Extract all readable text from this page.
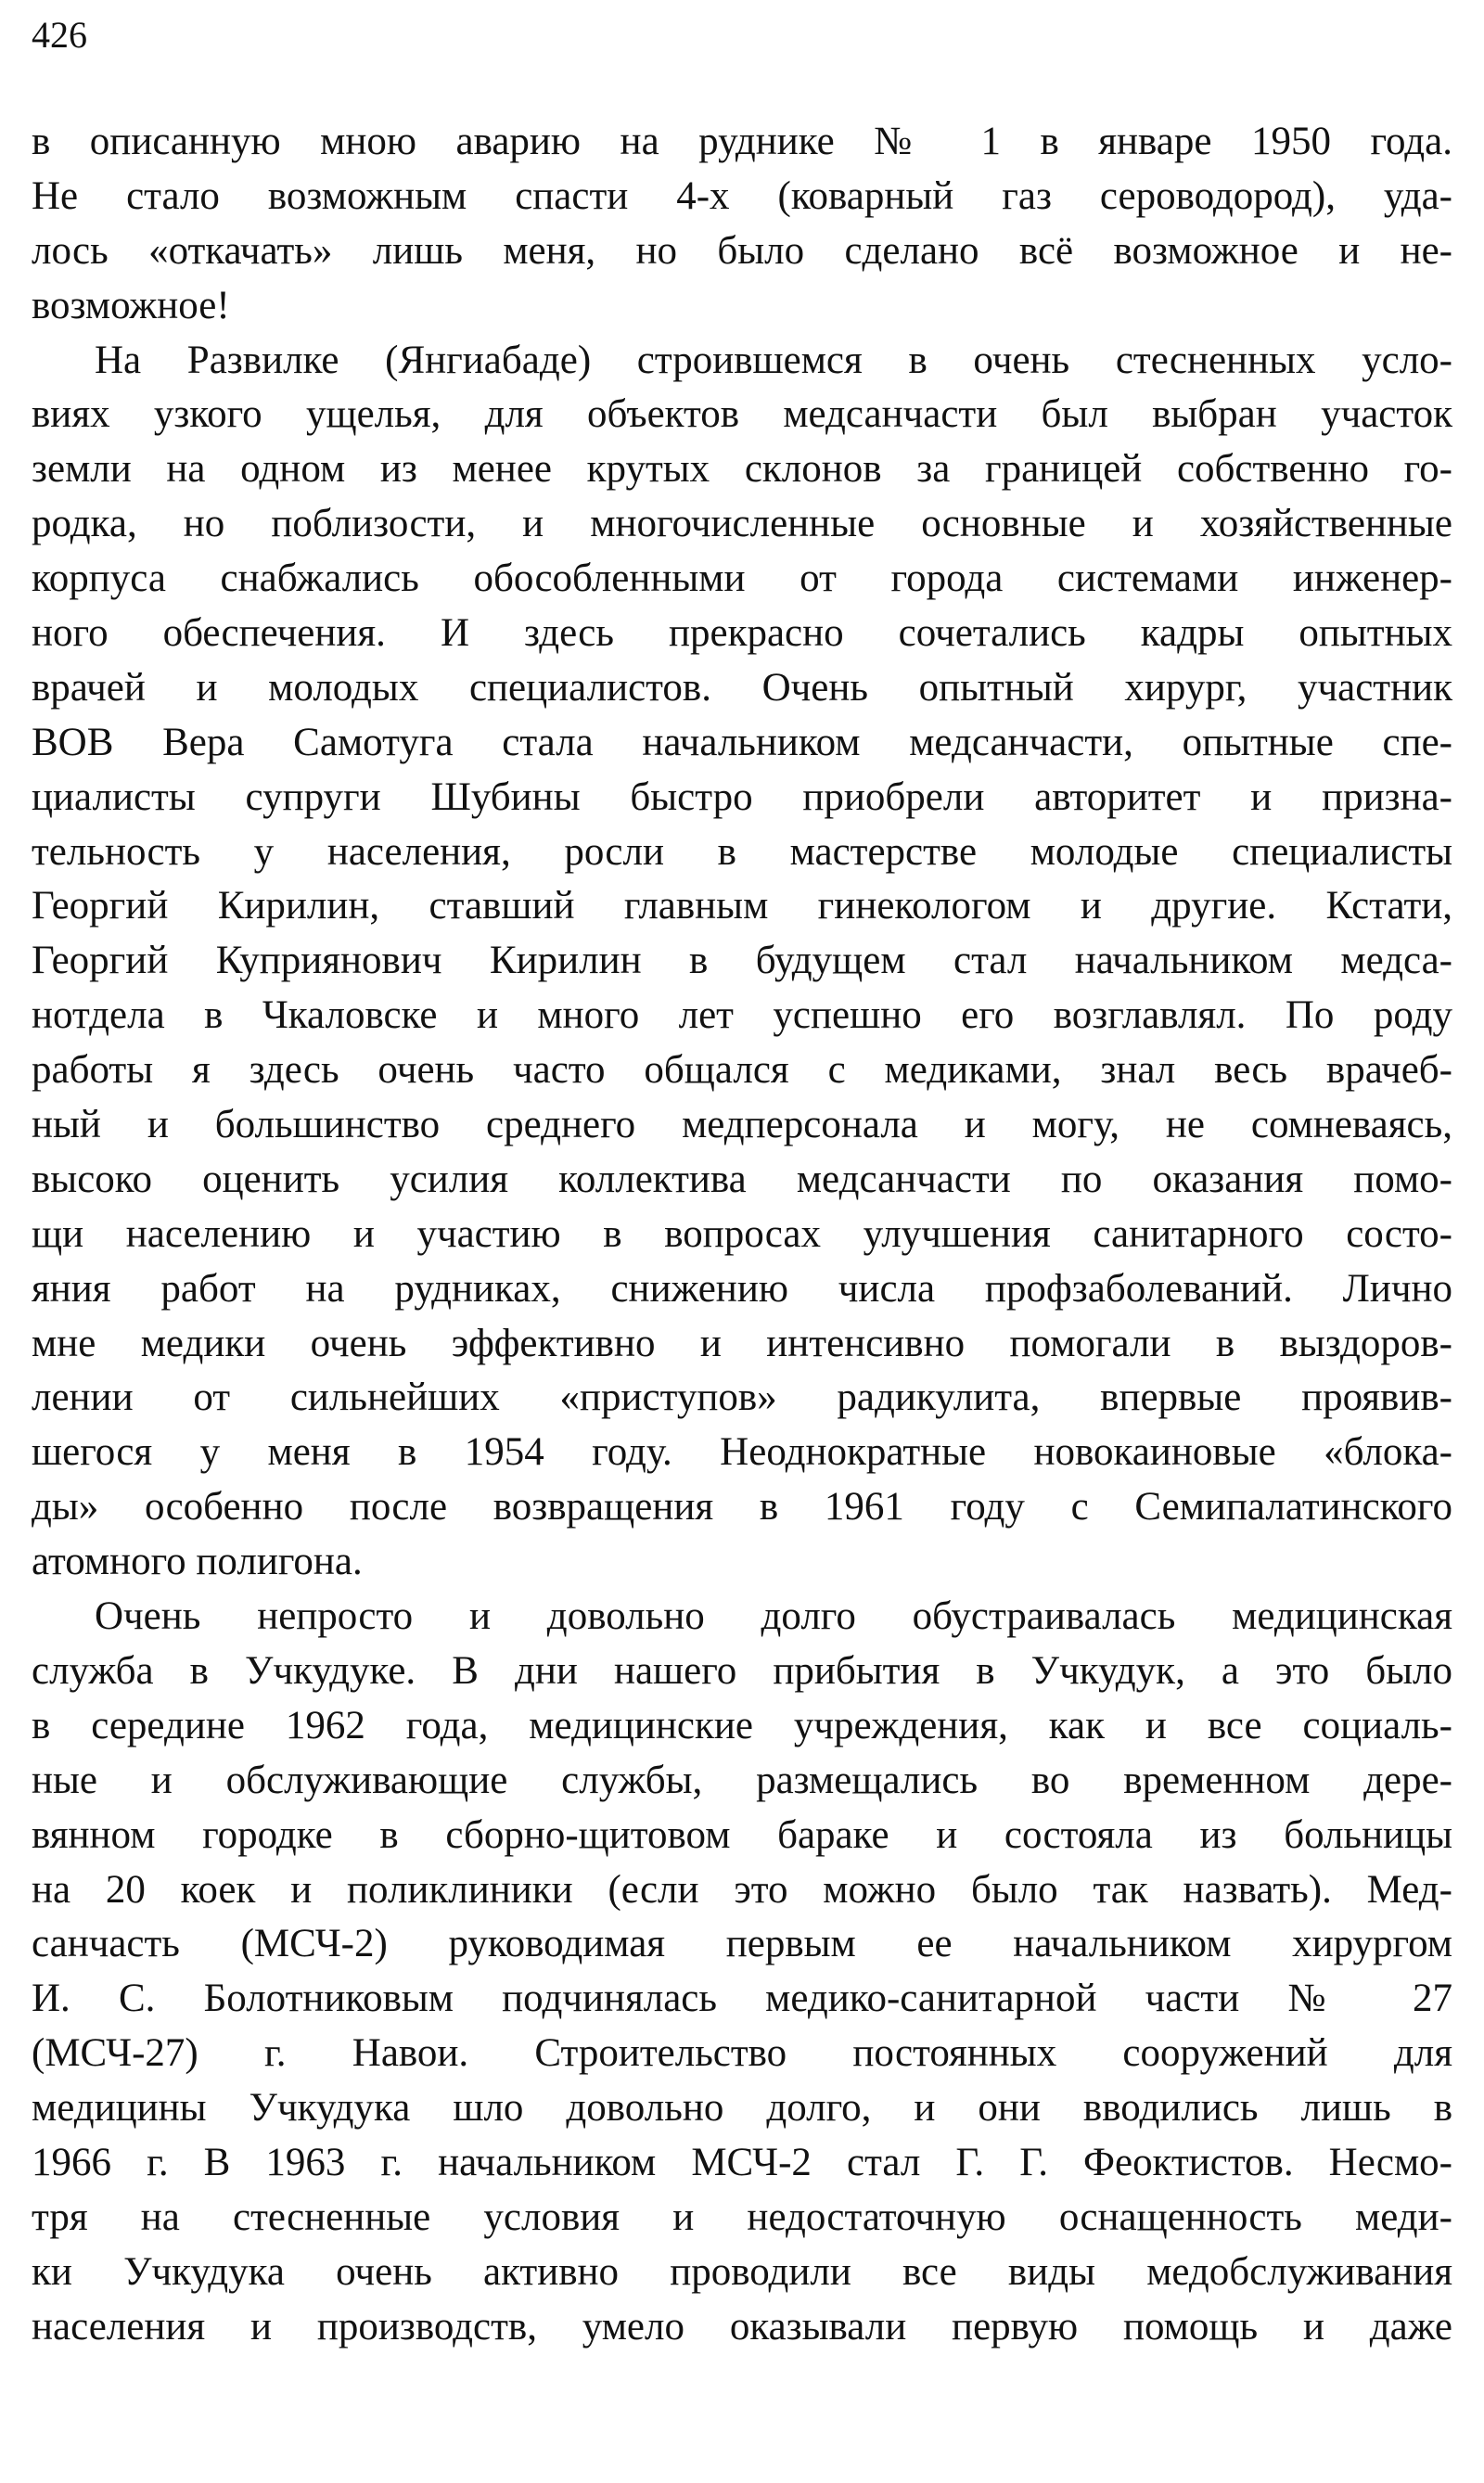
426
в описанную мною аварию на руднике № 1 в январе 1950 года.
Не стало возможным спасти 4-х (коварный газ сероводород), уда-
лось «откачать» лишь меня, но было сделано всё возможное и не-
возможное!
На Развилке (Янгиабаде) строившемся в очень стесненных усло-
виях узкого ущелья, для объектов медсанчасти был выбран участок
земли на одном из менее крутых склонов за границей собственно го-
родка, но поблизости, и многочисленные основные и хозяйственные
корпуса снабжались обособленными от города системами инженер-
ного обеспечения. И здесь прекрасно сочетались кадры опытных
врачей и молодых специалистов. Очень опытный хирург, участник
ВОВ Вера Самотуга стала начальником медсанчасти, опытные спе-
циалисты супруги Шубины быстро приобрели авторитет и призна-
тельность у населения, росли в мастерстве молодые специалисты
Георгий Кирилин, ставший главным гинекологом и другие. Кстати,
Георгий Куприянович Кирилин в будущем стал начальником медса-
нотдела в Чкаловске и много лет успешно его возглавлял. По роду
работы я здесь очень часто общался с медиками, знал весь врачеб-
ный и большинство среднего медперсонала и могу, не сомневаясь,
высоко оценить усилия коллектива медсанчасти по оказания помо-
щи населению и участию в вопросах улучшения санитарного состо-
яния работ на рудниках, снижению числа профзаболеваний. Лично
мне медики очень эффективно и интенсивно помогали в выздоров-
лении от сильнейших «приступов» радикулита, впервые проявив-
шегося у меня в 1954 году. Неоднократные новокаиновые «блока-
ды» особенно после возвращения в 1961 году с Семипалатинского
атомного полигона.
Очень непросто и довольно долго обустраивалась медицинская
служба в Учкудуке. В дни нашего прибытия в Учкудук, а это было
в середине 1962 года, медицинские учреждения, как и все социаль-
ные и обслуживающие службы, размещались во временном дере-
вянном городке в сборно-щитовом бараке и состояла из больницы
на 20 коек и поликлиники (если это можно было так назвать). Мед-
санчасть (МСЧ-2) руководимая первым ее начальником хирургом
И. С. Болотниковым подчинялась медико-санитарной части № 27
(МСЧ-27) г. Навои. Строительство постоянных сооружений для
медицины Учкудука шло довольно долго, и они вводились лишь в
1966 г. В 1963 г. начальником МСЧ-2 стал Г. Г. Феоктистов. Несмо-
тря на стесненные условия и недостаточную оснащенность меди-
ки Учкудука очень активно проводили все виды медобслуживания
населения и производств, умело оказывали первую помощь и даже
